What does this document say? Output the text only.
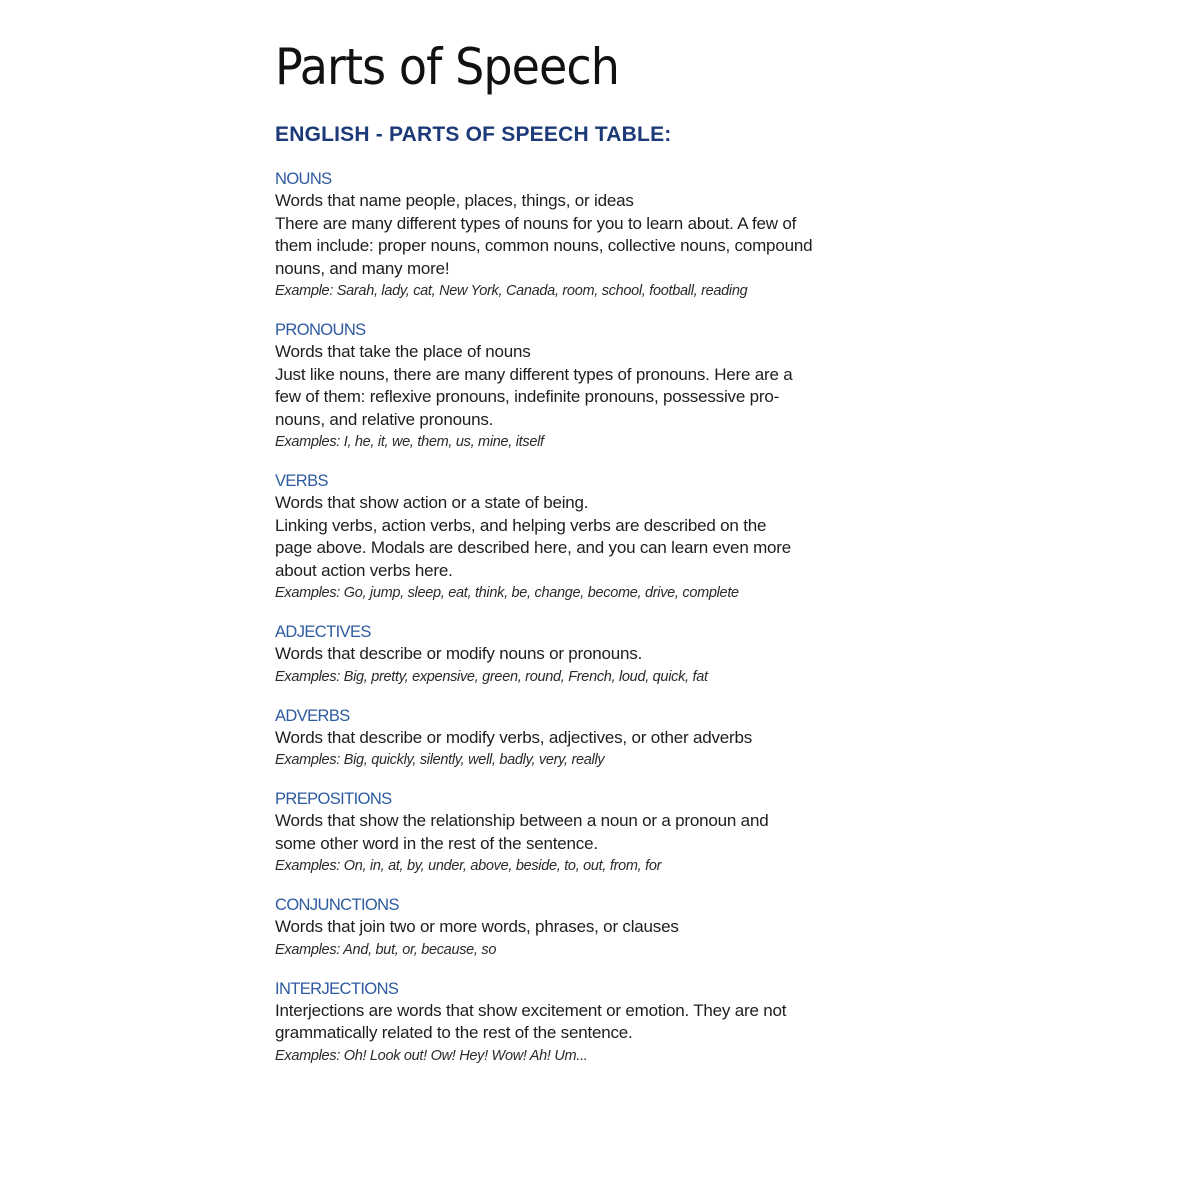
Parts of Speech
ENGLISH - PARTS OF SPEECH TABLE:
NOUNS
Words that name people, places, things, or ideas
There are many different types of nouns for you to learn about. A few of
them include: proper nouns, common nouns, collective nouns, compound
nouns, and many more!
Example: Sarah, lady, cat, New York, Canada, room, school, football, reading
PRONOUNS
Words that take the place of nouns
Just like nouns, there are many different types of pronouns. Here are a
few of them: reflexive pronouns, indefinite pronouns, possessive pro-
nouns, and relative pronouns.
Examples: I, he, it, we, them, us, mine, itself
VERBS
Words that show action or a state of being.
Linking verbs, action verbs, and helping verbs are described on the
page above. Modals are described here, and you can learn even more
about action verbs here.
Examples: Go, jump, sleep, eat, think, be, change, become, drive, complete
ADJECTIVES
Words that describe or modify nouns or pronouns.
Examples: Big, pretty, expensive, green, round, French, loud, quick, fat
ADVERBS
Words that describe or modify verbs, adjectives, or other adverbs
Examples: Big, quickly, silently, well, badly, very, really
PREPOSITIONS
Words that show the relationship between a noun or a pronoun and
some other word in the rest of the sentence.
Examples: On, in, at, by, under, above, beside, to, out, from, for
CONJUNCTIONS
Words that join two or more words, phrases, or clauses
Examples: And, but, or, because, so
INTERJECTIONS
Interjections are words that show excitement or emotion. They are not
grammatically related to the rest of the sentence.
Examples: Oh! Look out! Ow! Hey! Wow! Ah! Um...
